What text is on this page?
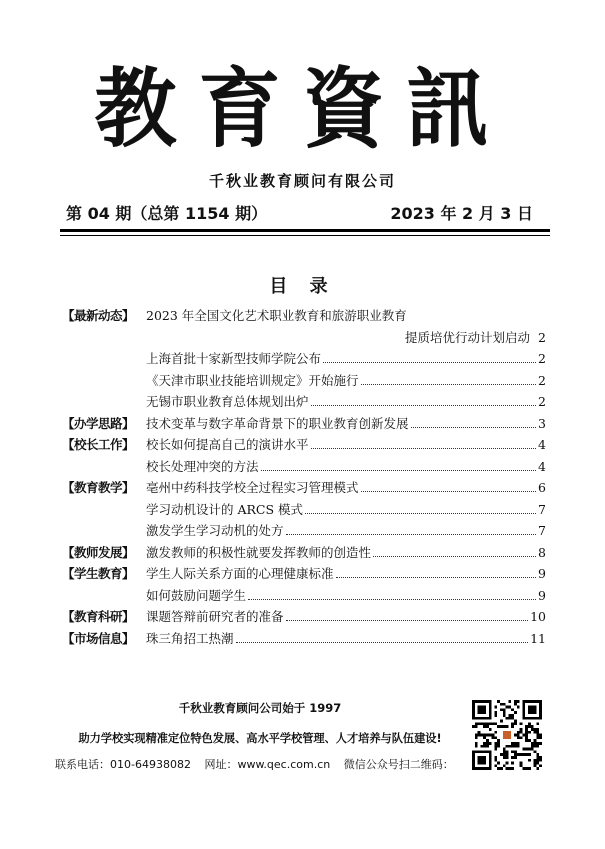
教育資訊
千秋业教育顾问有限公司
第 04 期（总第 1154 期）	2023 年 2 月 3 日
目 录
【最新动态】 2023 年全国文化艺术职业教育和旅游职业教育
提质培优行动计划启动 2
上海首批十家新型技师学院公布	2
《天津市职业技能培训规定》开始施行	2
无锡市职业教育总体规划出炉	2
【办学思路】 技术变革与数字革命背景下的职业教育创新发展	3
【校长工作】 校长如何提高自己的演讲水平	4
校长处理冲突的方法	4
【教育教学】 亳州中药科技学校全过程实习管理模式	6
学习动机设计的 ARCS 模式	7
激发学生学习动机的处方	7
【教师发展】 激发教师的积极性就要发挥教师的创造性	8
【学生教育】 学生人际关系方面的心理健康标准	9
如何鼓励问题学生	9
【教育科研】 课题答辩前研究者的准备	10
【市场信息】 珠三角招工热潮	11
千秋业教育顾问公司始于 1997
助力学校实现精准定位特色发展、高水平学校管理、人才培养与队伍建设!
联系电话：010-64938082 网址：www.qec.com.cn 微信公众号扫二维码：
